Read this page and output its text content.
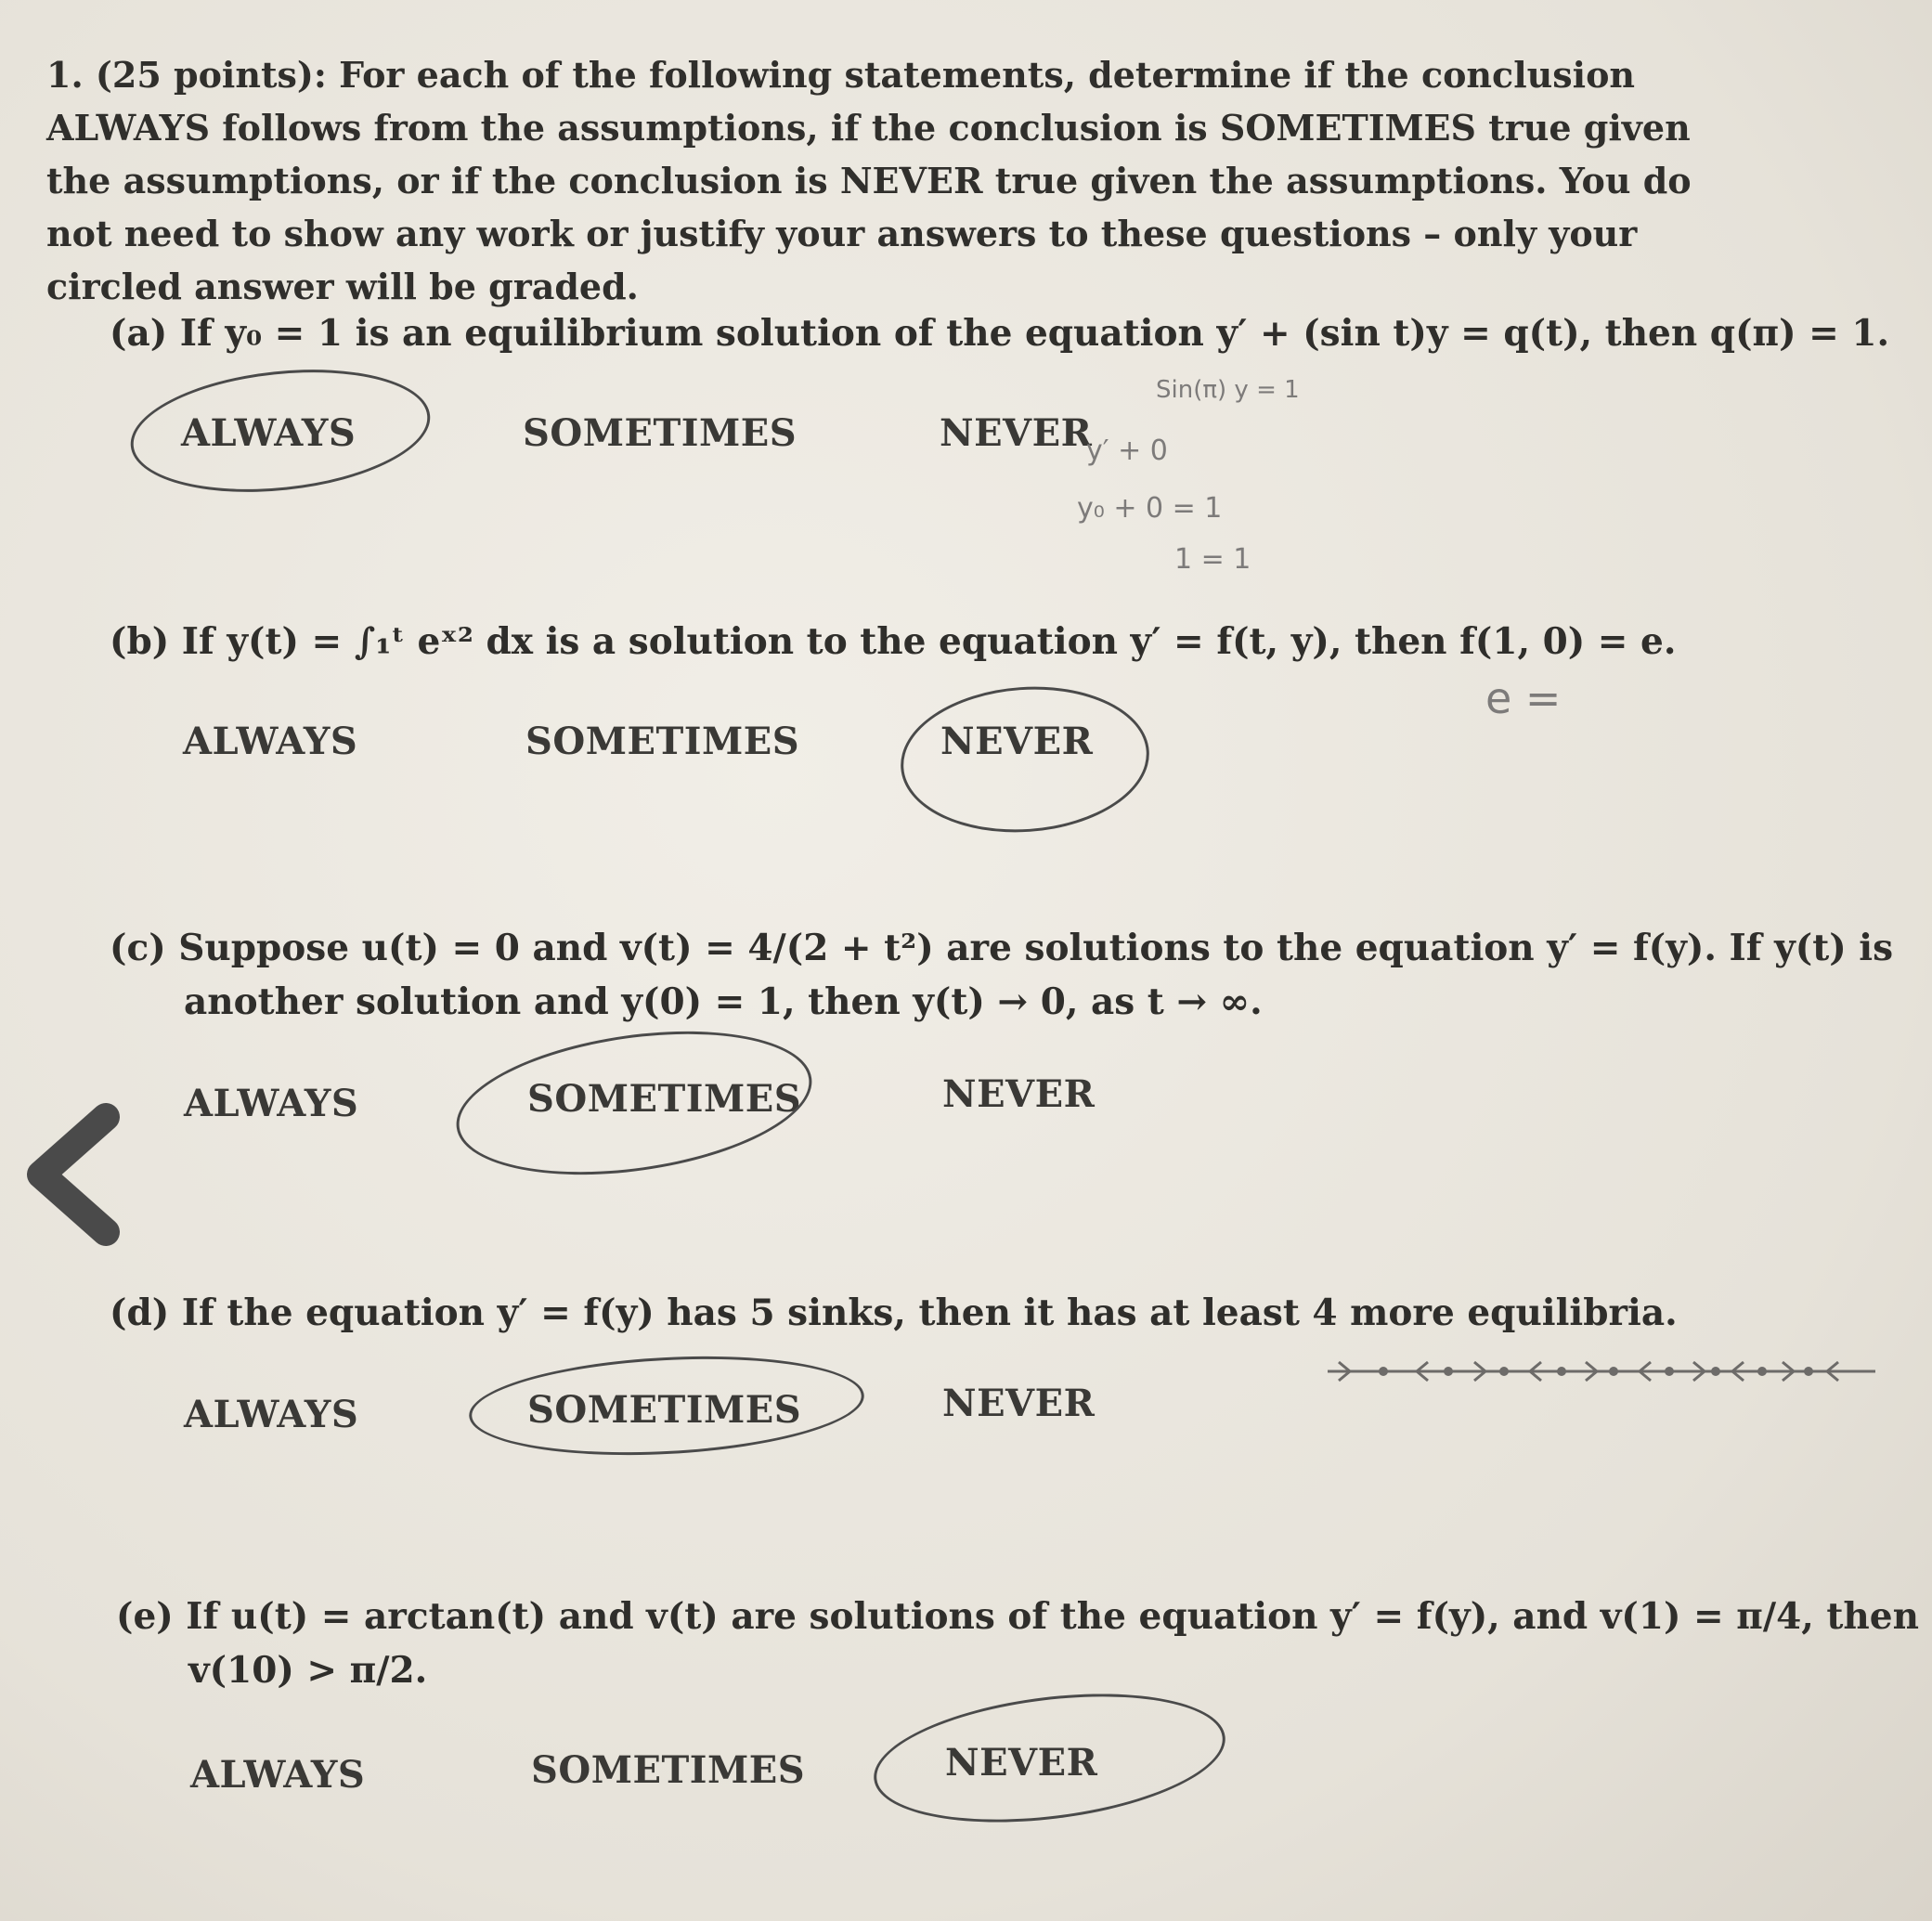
1. (25 points): For each of the following statements, determine if the conclusion ALWAYS follows from the assumptions, if the conclusion is SOMETIMES true given the assumptions, or if the conclusion is NEVER true given the assumptions. You do not need to show any work or justify your answers to these questions – only your circled answer will be graded.
(a) If y₀ = 1 is an equilibrium solution of the equation y′ + (sin t)y = q(t), then q(π) = 1.
ALWAYS	SOMETIMES	NEVER
Sin(π) y = 1
y′ + 0
y₀ + 0 = 1
1 = 1
(b) If y(t) = ∫₁ᵗ eˣ² dx is a solution to the equation y′ = f(t, y), then f(1, 0) = e.
ALWAYS	SOMETIMES	NEVER
e =
(c) Suppose u(t) = 0 and v(t) = 4/(2 + t²) are solutions to the equation y′ = f(y). If y(t) is
another solution and y(0) = 1, then y(t) → 0, as t → ∞.
ALWAYS	SOMETIMES	NEVER
(d) If the equation y′ = f(y) has 5 sinks, then it has at least 4 more equilibria.
ALWAYS	SOMETIMES	NEVER
(e) If u(t) = arctan(t) and v(t) are solutions of the equation y′ = f(y), and v(1) = π/4, then
v(10) > π/2.
ALWAYS	SOMETIMES	NEVER
